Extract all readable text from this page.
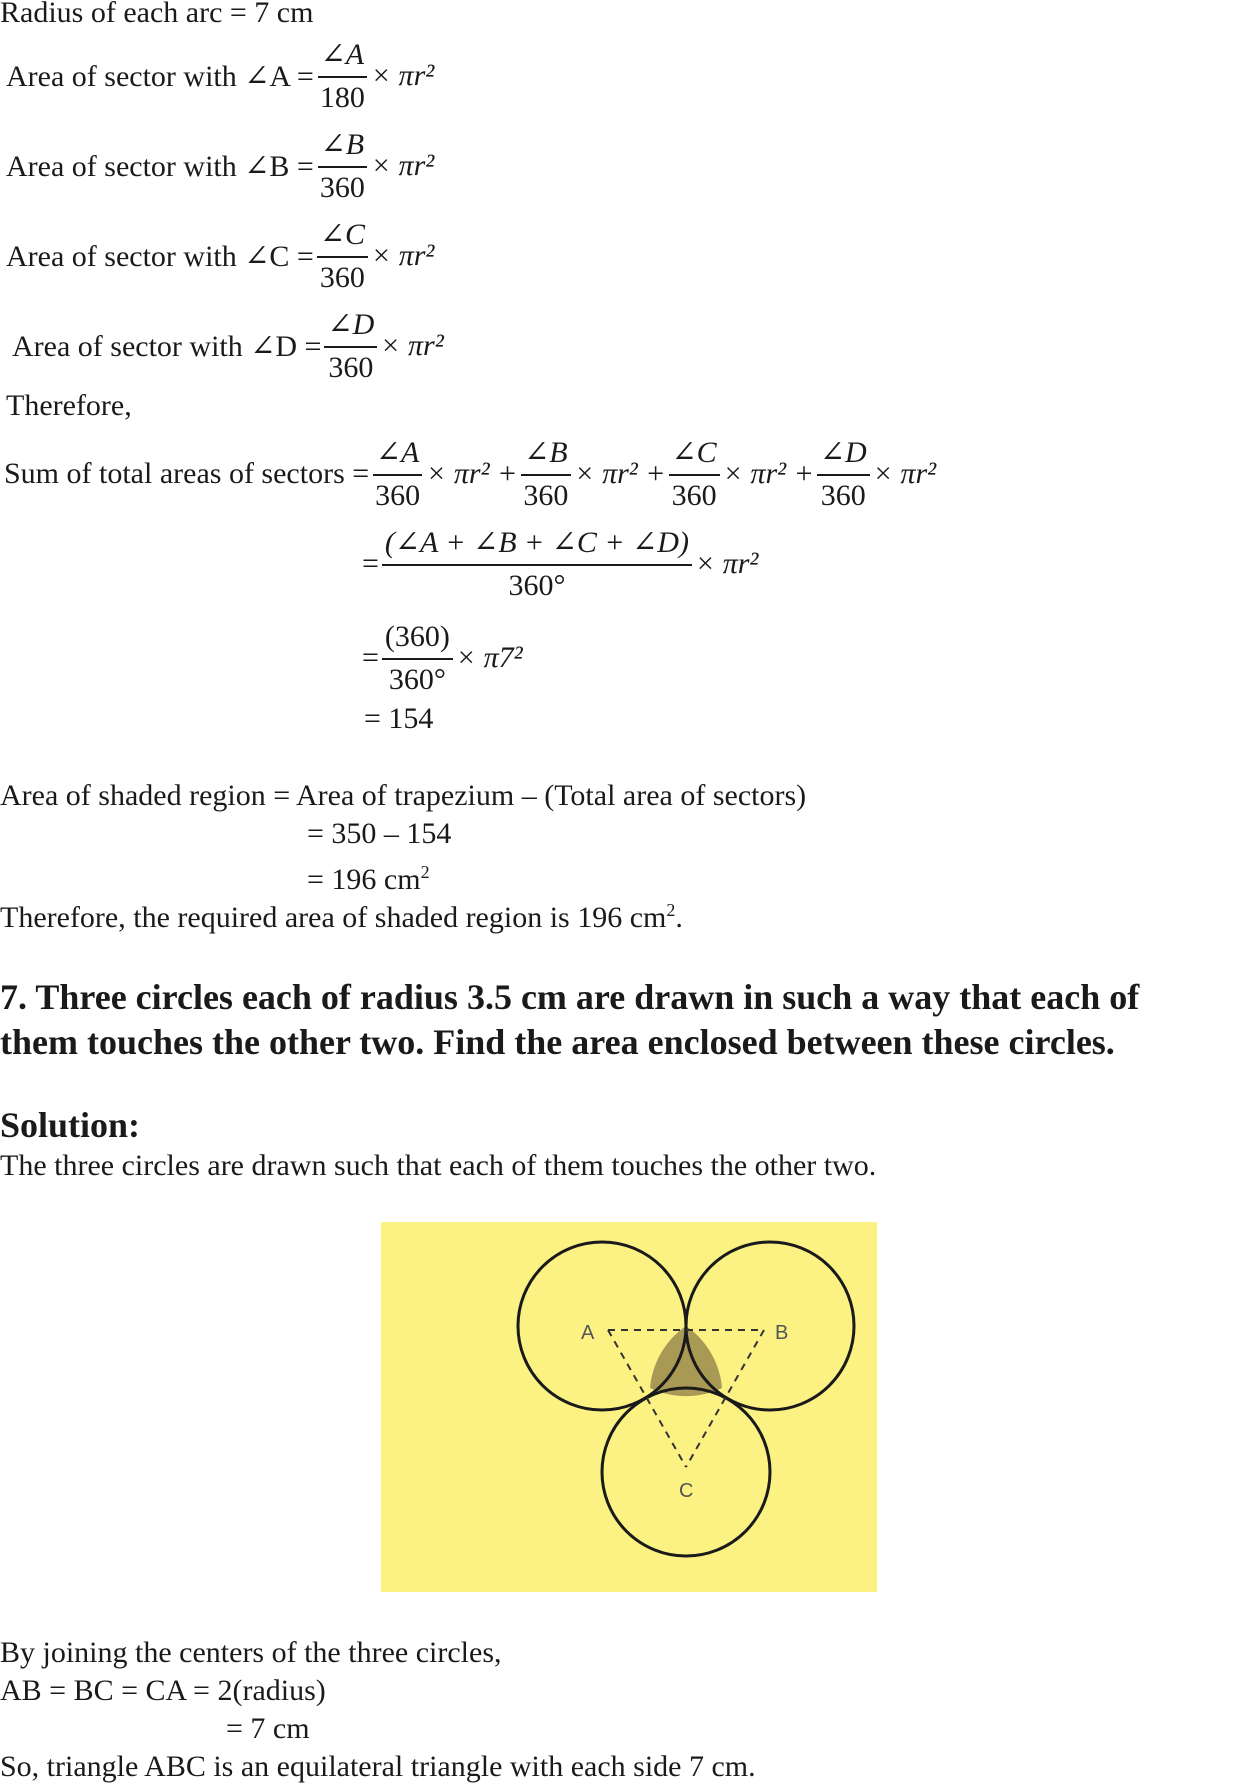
Radius of each arc = 7 cm
Area of sector with ∠A = $\frac{\angle A}{180} \times \pi r^2$
Area of sector with ∠B = $\frac{\angle B}{360} \times \pi r^2$
Area of sector with ∠C = $\frac{\angle C}{360} \times \pi r^2$
Area of sector with ∠D = $\frac{\angle D}{360} \times \pi r^2$
Therefore,
Sum of total areas of sectors = $\frac{\angle A}{360} \times \pi r^2 + \frac{\angle B}{360} \times \pi r^2 + \frac{\angle C}{360} \times \pi r^2 + \frac{\angle D}{360} \times \pi r^2$
= $\frac{(\angle A + \angle B + \angle C + \angle D)}{360^\circ} \times \pi r^2$
= $\frac{(360)}{360^\circ} \times \pi 7^2$
= 154
Area of shaded region = Area of trapezium – (Total area of sectors)
= 350 – 154
= 196 $cm^2$
Therefore, the required area of shaded region is 196 $cm^2$.
7. Three circles each of radius 3.5 cm are drawn in such a way that each of
them touches the other two. Find the area enclosed between these circles.
Solution:
The three circles are drawn such that each of them touches the other two.
A	B
C
By joining the centers of the three circles,
AB = BC = CA = 2(radius)
= 7 cm
So, triangle ABC is an equilateral triangle with each side 7 cm.
